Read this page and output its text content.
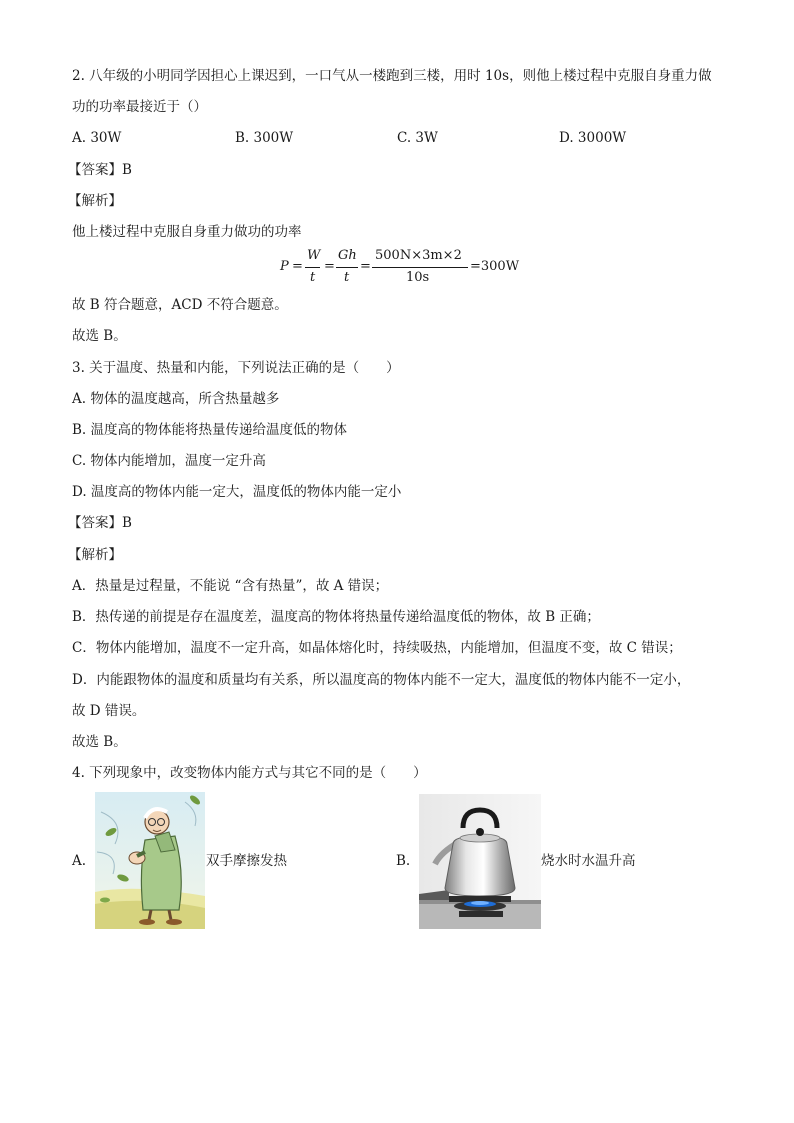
2. 八年级的小明同学因担心上课迟到，一口气从一楼跑到三楼，用时 10s，则他上楼过程中克服自身重力做
功的功率最接近于（）
A. 30W	B. 300W	C. 3W	D. 3000W
【答案】B
【解析】
他上楼过程中克服自身重力做功的功率
P =
W
t
=
Gh
t
=
500N×3m×2
10s
=300W
故 B 符合题意，ACD 不符合题意。
故选 B。
3. 关于温度、热量和内能，下列说法正确的是（　　）
A. 物体的温度越高，所含热量越多
B. 温度高的物体能将热量传递给温度低的物体
C. 物体内能增加，温度一定升高
D. 温度高的物体内能一定大，温度低的物体内能一定小
【答案】B
【解析】
A．热量是过程量，不能说 “含有热量”，故 A 错误；
B．热传递的前提是存在温度差，温度高的物体将热量传递给温度低的物体，故 B 正确；
C．物体内能增加，温度不一定升高，如晶体熔化时，持续吸热，内能增加，但温度不变，故 C 错误；
D．内能跟物体的温度和质量均有关系，所以温度高的物体内能不一定大，温度低的物体内能不一定小，
故 D 错误。
故选 B。
4. 下列现象中，改变物体内能方式与其它不同的是（　　）
A.	双手摩擦发热	B.	烧水时水温升高
